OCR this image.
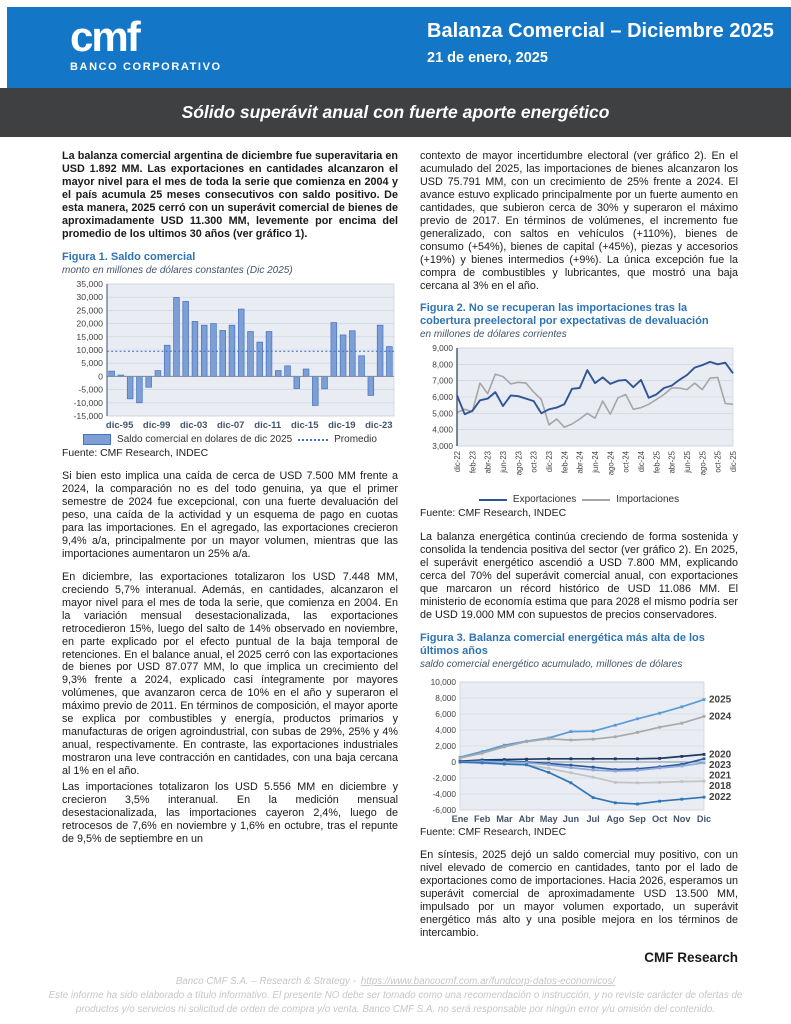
cmf
BANCO CORPORATIVO
Balanza Comercial – Diciembre 2025
21 de enero, 2025
Sólido superávit anual con fuerte aporte energético

La balanza comercial argentina de diciembre fue superavitaria en USD 1.892 MM. Las exportaciones en cantidades alcanzaron el mayor nivel para el mes de toda la serie que comienza en 2004 y el país acumula 25 meses consecutivos con saldo positivo. De esta manera, 2025 cerró con un superávit comercial de bienes de aproximadamente USD 11.300 MM, levemente por encima del promedio de los ultimos 30 años (ver gráfico 1).

Figura 1. Saldo comercial
monto en millones de dólares constantes (Dic 2025)
-15,000
-10,000
-5,000
0
5,000
10,000
15,000
20,000
25,000
30,000
35,000
dic-95 dic-99 dic-03 dic-07 dic-11 dic-15 dic-19 dic-23
Saldo comercial en dolares de dic 2025	Promedio
Fuente: CMF Research, INDEC

Si bien esto implica una caída de cerca de USD 7.500 MM frente a 2024, la comparación no es del todo genuina, ya que el primer semestre de 2024 fue excepcional, con una fuerte devaluación del peso, una caída de la actividad y un esquema de pago en cuotas para las importaciones. En el agregado, las exportaciones crecieron 9,4% a/a, principalmente por un mayor volumen, mientras que las importaciones aumentaron un 25% a/a.

En diciembre, las exportaciones totalizaron los USD 7.448 MM, creciendo 5,7% interanual. Además, en cantidades, alcanzaron el mayor nivel para el mes de toda la serie, que comienza en 2004. En la variación mensual desestacionalizada, las exportaciones retrocedieron 15%, luego del salto de 14% observado en noviembre, en parte explicado por el efecto puntual de la baja temporal de retenciones. En el balance anual, el 2025 cerró con las exportaciones de bienes por USD 87.077 MM, lo que implica un crecimiento del 9,3% frente a 2024, explicado casi íntegramente por mayores volúmenes, que avanzaron cerca de 10% en el año y superaron el máximo previo de 2011. En términos de composición, el mayor aporte se explica por combustibles y energía, productos primarios y manufacturas de origen agroindustrial, con subas de 29%, 25% y 4% anual, respectivamente. En contraste, las exportaciones industriales mostraron una leve contracción en cantidades, con una baja cercana al 1% en el año.

Las importaciones totalizaron los USD 5.556 MM en diciembre y crecieron 3,5% interanual. En la medición mensual desestacionalizada, las importaciones cayeron 2,4%, luego de retrocesos de 7,6% en noviembre y 1,6% en octubre, tras el repunte de 9,5% de septiembre en un

contexto de mayor incertidumbre electoral (ver gráfico 2). En el acumulado del 2025, las importaciones de bienes alcanzaron los USD 75.791 MM, con un crecimiento de 25% frente a 2024. El avance estuvo explicado principalmente por un fuerte aumento en cantidades, que subieron cerca de 30% y superaron el máximo previo de 2017. En términos de volúmenes, el incremento fue generalizado, con saltos en vehículos (+110%), bienes de consumo (+54%), bienes de capital (+45%), piezas y accesorios (+19%) y bienes intermedios (+9%). La única excepción fue la compra de combustibles y lubricantes, que mostró una baja cercana al 3% en el año.

Figura 2. No se recuperan las importaciones tras la cobertura preelectoral por expectativas de devaluación
en millones de dólares corrientes
3,000
4,000
5,000
6,000
7,000
8,000
9,000
dic-22 feb-23 abr-23 jun-23 ago-23 oct-23 dic-23 feb-24 abr-24 jun-24 ago-24 oct-24 dic-24 feb-25 abr-25 jun-25 ago-25 oct-25 dic-25
Exportaciones	Importaciones
Fuente: CMF Research, INDEC

La balanza energética continúa creciendo de forma sostenida y consolida la tendencia positiva del sector (ver gráfico 2). En 2025, el superávit energético ascendió a USD 7.800 MM, explicando cerca del 70% del superávit comercial anual, con exportaciones que marcaron un récord histórico de USD 11.086 MM. El ministerio de economía estima que para 2028 el mismo podría ser de USD 19.000 MM con supuestos de precios conservadores.

Figura 3. Balanza comercial energética más alta de los últimos años
saldo comercial energético acumulado, millones de dólares
-6,000
-4,000
-2,000
0
2,000
4,000
6,000
8,000
10,000
2025
2024
2020
2023
2021
2018
2022
Ene Feb Mar Abr May Jun Jul Ago Sep Oct Nov Dic
Fuente: CMF Research, INDEC

En síntesis, 2025 dejó un saldo comercial muy positivo, con un nivel elevado de comercio en cantidades, tanto por el lado de exportaciones como de importaciones. Hacia 2026, esperamos un superávit comercial de aproximadamente USD 13.500 MM, impulsado por un mayor volumen exportado, un superávit energético más alto y una posible mejora en los términos de intercambio.

CMF Research
Banco CMF S.A. – Research & Strategy - https://www.bancocmf.com.ar/fundcorp-datos-economicos/
Este informe ha sido elaborado a título informativo. El presente NO debe ser tomado como una recomendación o instrucción, y no reviste carácter de ofertas de productos y/o servicios ni solicitud de orden de compra y/o venta. Banco CMF S.A. no será responsable por ningún error y/u omisión del contenido.
